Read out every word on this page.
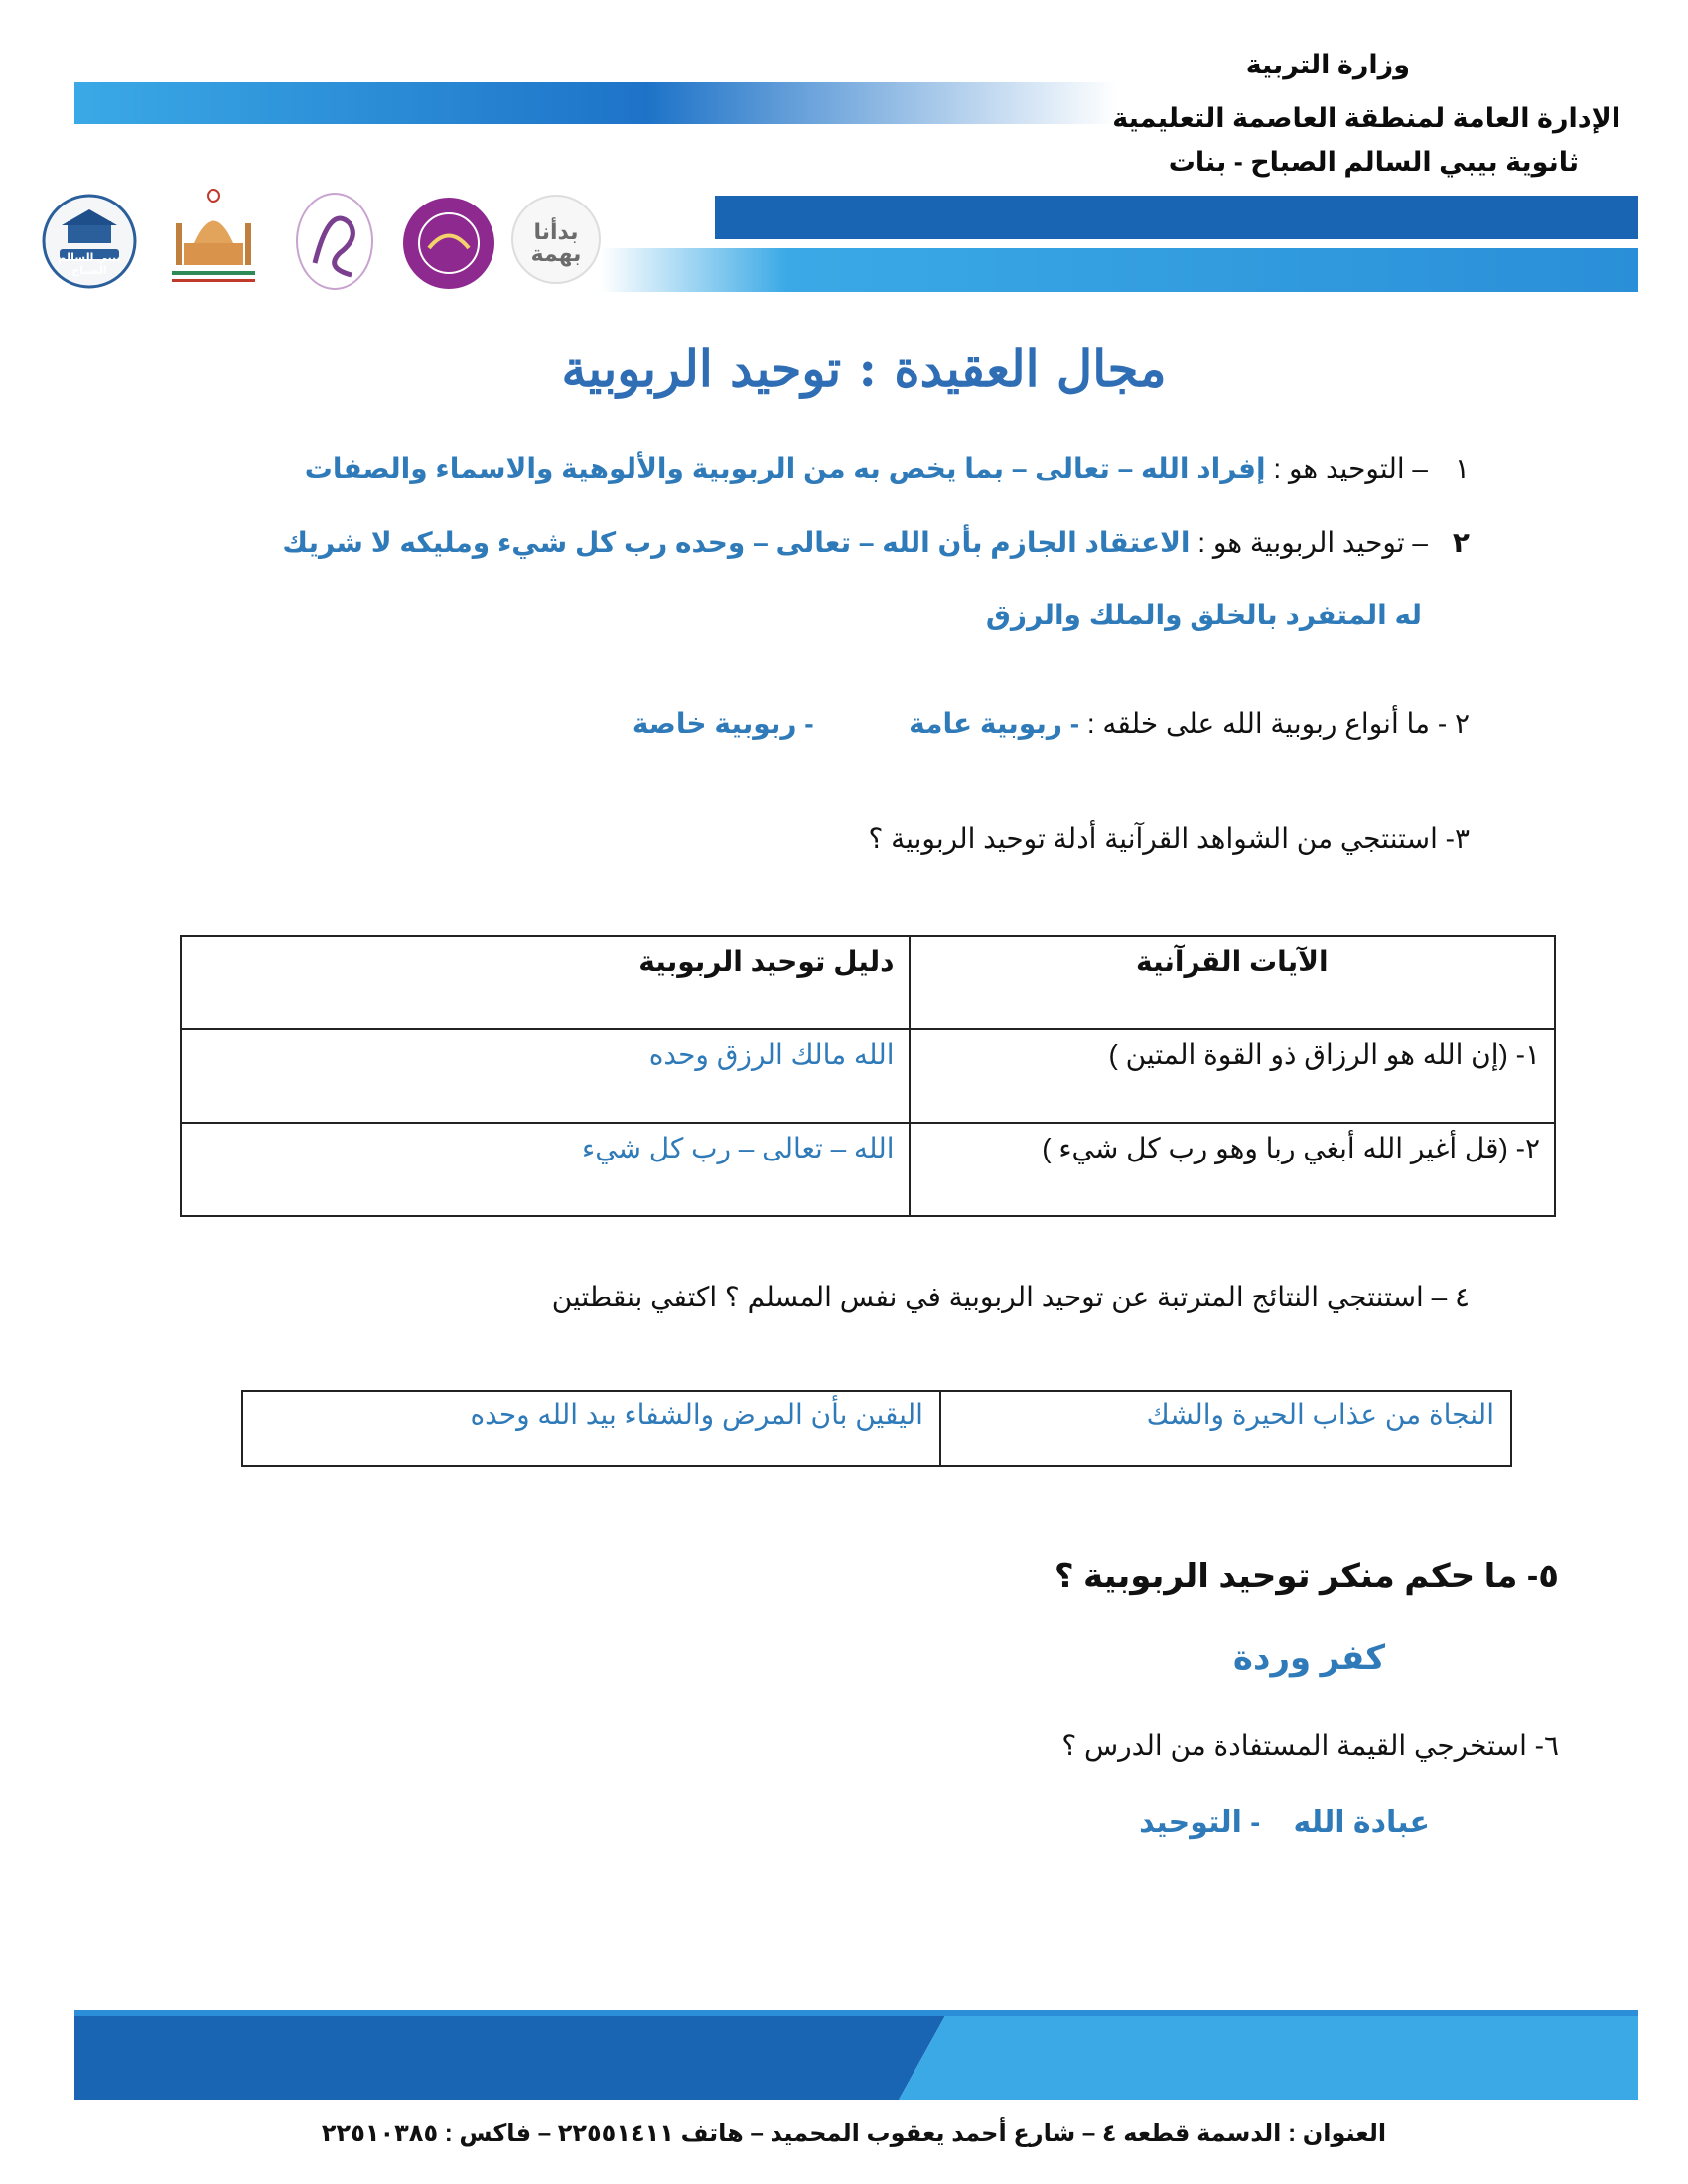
وزارة التربية
الإدارة العامة لمنطقة العاصمة التعليمية
ثانوية بيبي السالم الصباح - بنات
بيبي السالم الصباح
بدأنا بهمة
مجال العقيدة : توحيد الربوبية
١
– التوحيد هو : إفراد الله – تعالى – بما يخص به من الربوبية والألوهية والاسماء والصفات
٢
– توحيد الربوبية هو : الاعتقاد الجازم بأن الله – تعالى – وحده رب كل شيء ومليكه لا شريك
له المتفرد بالخلق والملك والرزق
٢ - ما أنواع ربوبية الله على خلقه : - ربوبية عامة  - ربوبية خاصة
٣- استنتجي من الشواهد القرآنية أدلة توحيد الربوبية ؟
الآيات القرآنية	دليل توحيد الربوبية
١- (إن الله هو الرزاق ذو القوة المتين )	الله مالك الرزق وحده
٢- (قل أغير الله أبغي ربا وهو رب كل شيء )	الله – تعالى – رب كل شيء
٤ – استنتجي النتائج المترتبة عن توحيد الربوبية في نفس المسلم ؟ اكتفي بنقطتين
النجاة من عذاب الحيرة والشك	اليقين بأن المرض والشفاء بيد الله وحده
٥- ما حكم منكر توحيد الربوبية ؟
كفر وردة
٦- استخرجي القيمة المستفادة من الدرس ؟
عبادة الله    - التوحيد
العنوان : الدسمة قطعه ٤ – شارع أحمد يعقوب المحميد – هاتف ٢٢٥٥١٤١١ – فاكس : ٢٢٥١٠٣٨٥
